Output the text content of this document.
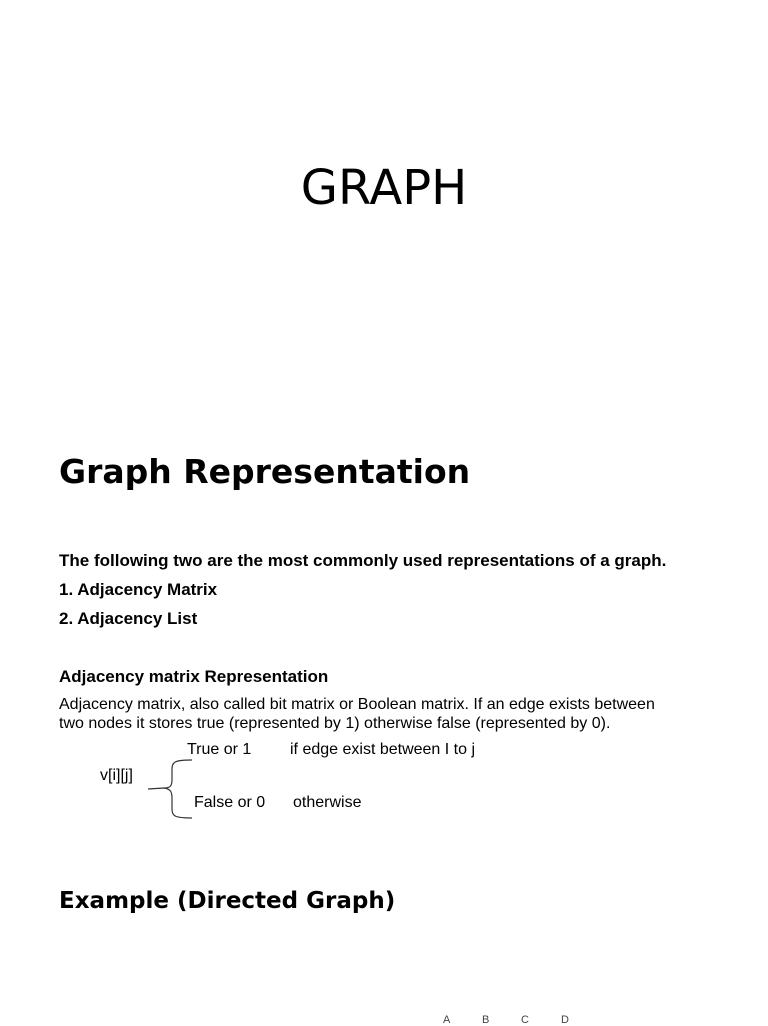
GRAPH
Graph Representation
The following two are the most commonly used representations of a graph.
1. Adjacency Matrix
2. Adjacency List
Adjacency matrix Representation
Adjacency matrix, also called bit matrix or Boolean matrix. If an edge exists between
two nodes it stores true (represented by 1) otherwise false (represented by 0).
True or 1 if edge exist between I to j
v[i][j]
False or 0 otherwise
Example (Directed Graph)
A	B	C	D
